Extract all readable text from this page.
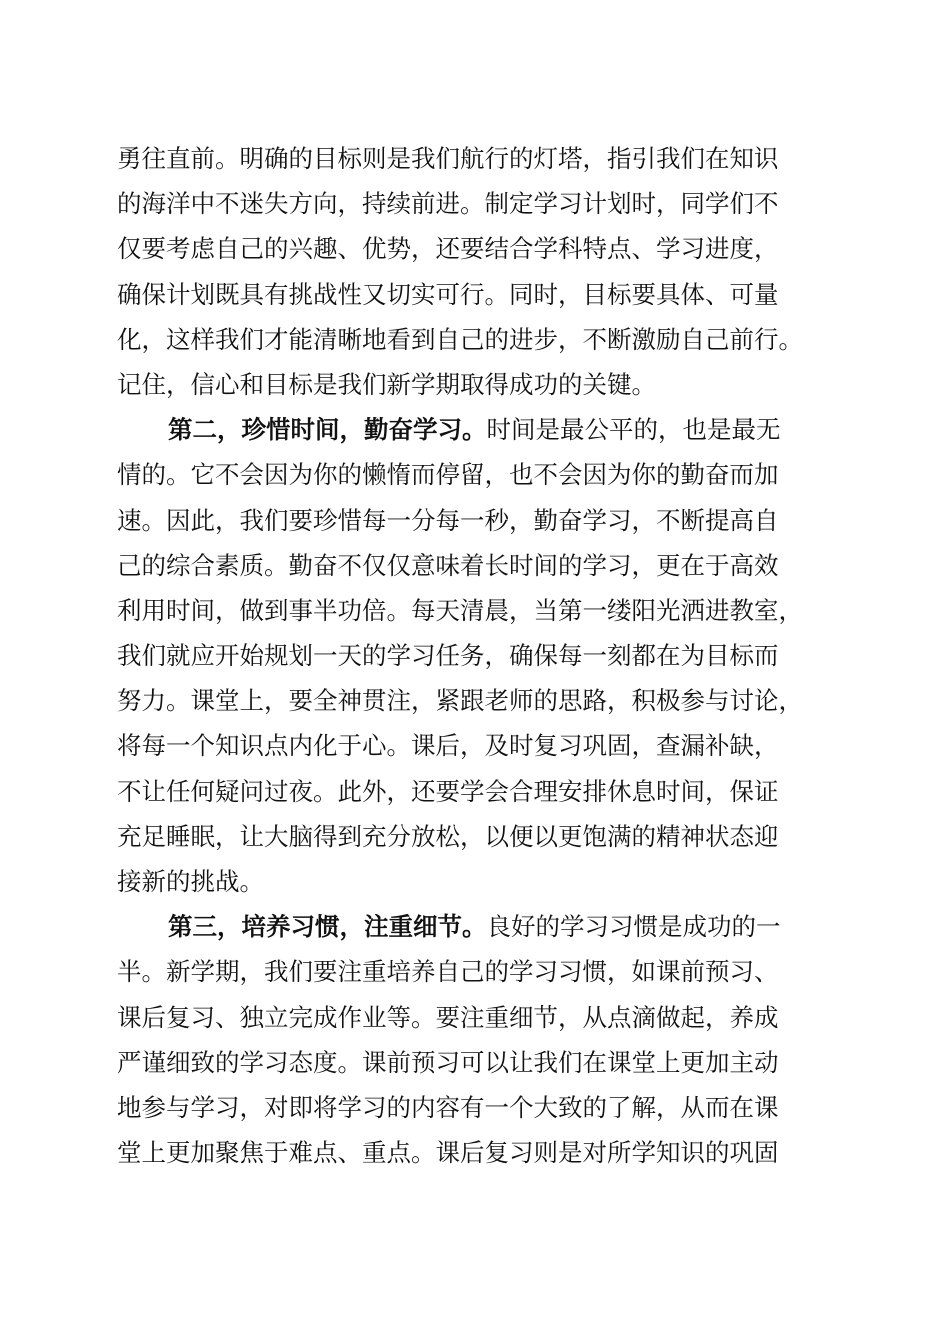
勇往直前。明确的目标则是我们航行的灯塔，指引我们在知识
的海洋中不迷失方向，持续前进。制定学习计划时，同学们不
仅要考虑自己的兴趣、优势，还要结合学科特点、学习进度，
确保计划既具有挑战性又切实可行。同时，目标要具体、可量
化，这样我们才能清晰地看到自己的进步，不断激励自己前行。
记住，信心和目标是我们新学期取得成功的关键。
第二，珍惜时间，勤奋学习。时间是最公平的，也是最无
情的。它不会因为你的懒惰而停留，也不会因为你的勤奋而加
速。因此，我们要珍惜每一分每一秒，勤奋学习，不断提高自
己的综合素质。勤奋不仅仅意味着长时间的学习，更在于高效
利用时间，做到事半功倍。每天清晨，当第一缕阳光洒进教室，
我们就应开始规划一天的学习任务，确保每一刻都在为目标而
努力。课堂上，要全神贯注，紧跟老师的思路，积极参与讨论，
将每一个知识点内化于心。课后，及时复习巩固，查漏补缺，
不让任何疑问过夜。此外，还要学会合理安排休息时间，保证
充足睡眠，让大脑得到充分放松，以便以更饱满的精神状态迎
接新的挑战。
第三，培养习惯，注重细节。良好的学习习惯是成功的一
半。新学期，我们要注重培养自己的学习习惯，如课前预习、
课后复习、独立完成作业等。要注重细节，从点滴做起，养成
严谨细致的学习态度。课前预习可以让我们在课堂上更加主动
地参与学习，对即将学习的内容有一个大致的了解，从而在课
堂上更加聚焦于难点、重点。课后复习则是对所学知识的巩固
